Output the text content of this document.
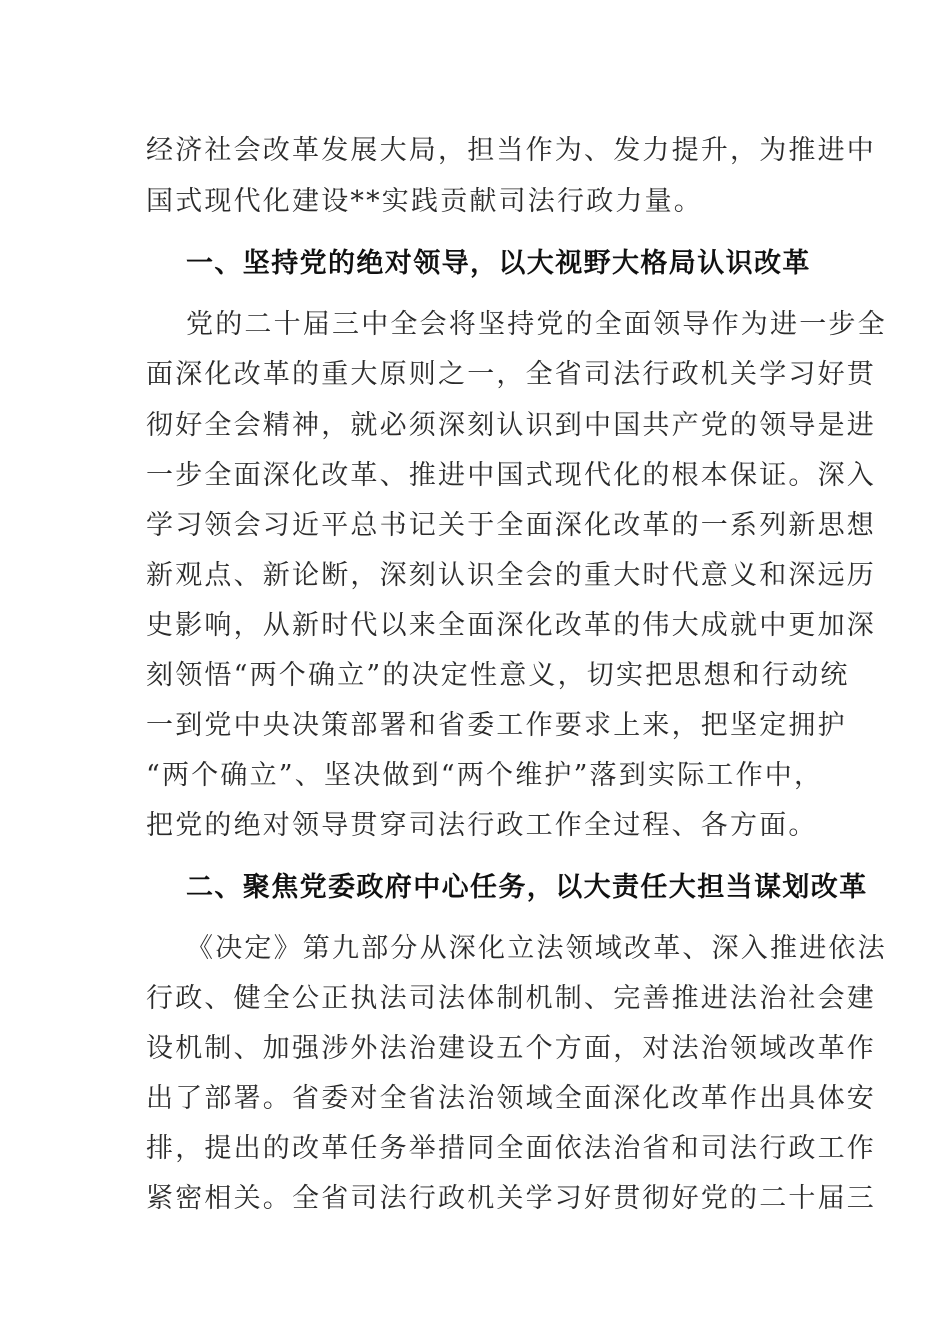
经济社会改革发展大局，担当作为、发力提升，为推进中
国式现代化建设**实践贡献司法行政力量。
一、坚持党的绝对领导，以大视野大格局认识改革
党的二十届三中全会将坚持党的全面领导作为进一步全
面深化改革的重大原则之一，全省司法行政机关学习好贯
彻好全会精神，就必须深刻认识到中国共产党的领导是进
一步全面深化改革、推进中国式现代化的根本保证。深入
学习领会习近平总书记关于全面深化改革的一系列新思想
新观点、新论断，深刻认识全会的重大时代意义和深远历
史影响，从新时代以来全面深化改革的伟大成就中更加深
刻领悟“两个确立”的决定性意义，切实把思想和行动统
一到党中央决策部署和省委工作要求上来，把坚定拥护
“两个确立”、坚决做到“两个维护”落到实际工作中，
把党的绝对领导贯穿司法行政工作全过程、各方面。
二、聚焦党委政府中心任务，以大责任大担当谋划改革
《决定》第九部分从深化立法领域改革、深入推进依法
行政、健全公正执法司法体制机制、完善推进法治社会建
设机制、加强涉外法治建设五个方面，对法治领域改革作
出了部署。省委对全省法治领域全面深化改革作出具体安
排，提出的改革任务举措同全面依法治省和司法行政工作
紧密相关。全省司法行政机关学习好贯彻好党的二十届三
